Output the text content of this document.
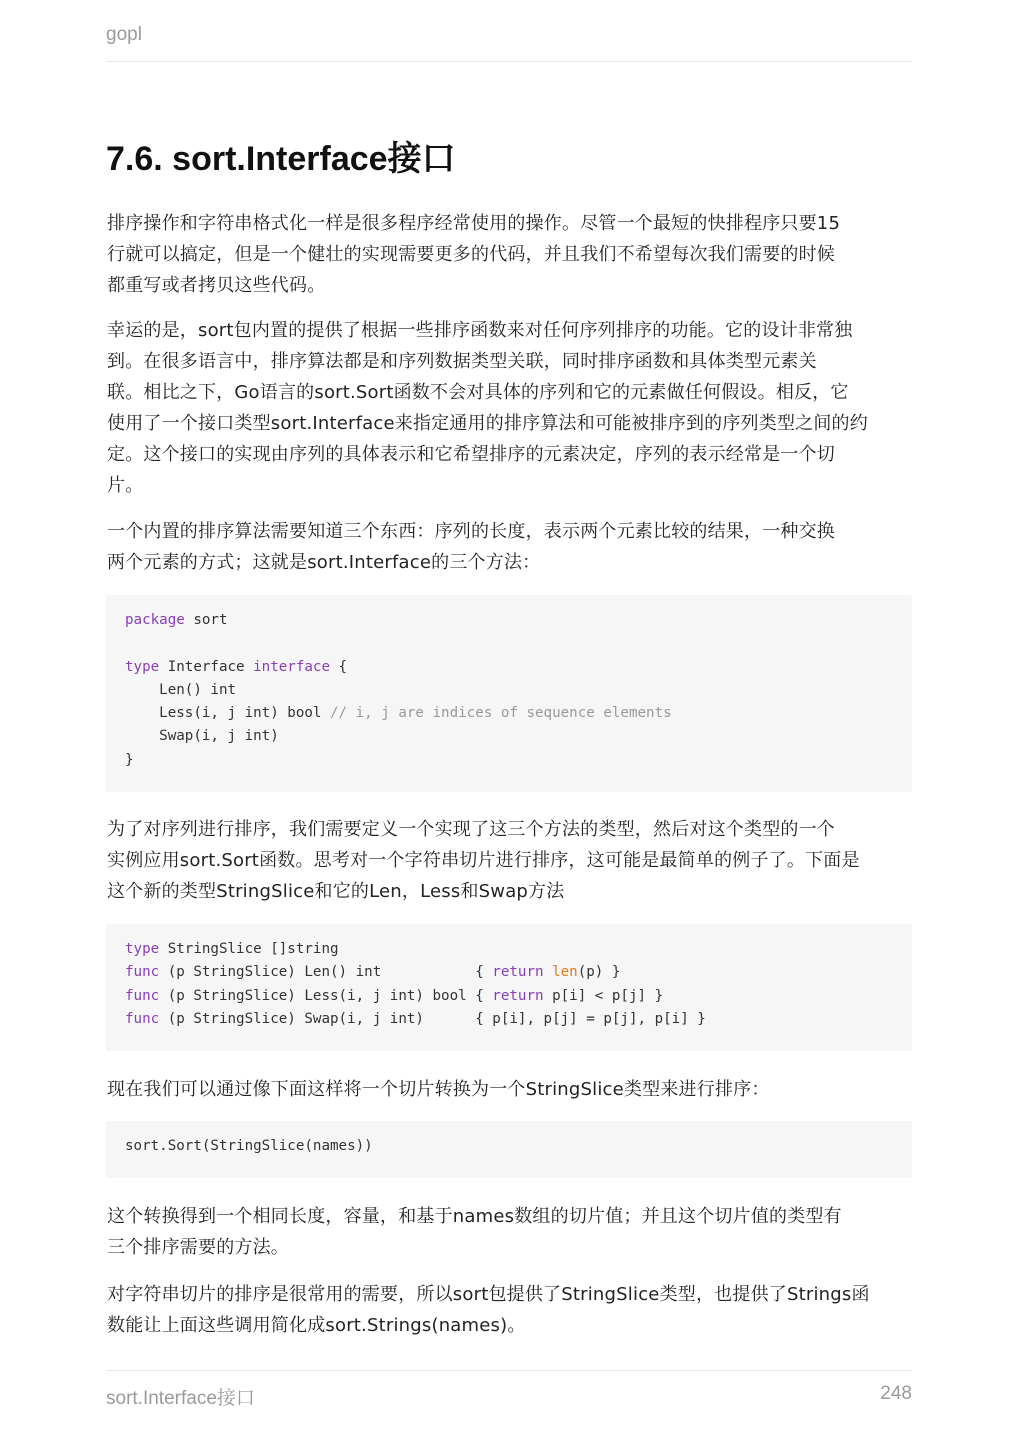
gopl
7.6. sort.Interface接口

排序操作和字符串格式化一样是很多程序经常使用的操作。尽管一个最短的快排程序只要15
行就可以搞定，但是一个健壮的实现需要更多的代码，并且我们不希望每次我们需要的时候
都重写或者拷贝这些代码。

幸运的是，sort包内置的提供了根据一些排序函数来对任何序列排序的功能。它的设计非常独
到。在很多语言中，排序算法都是和序列数据类型关联，同时排序函数和具体类型元素关
联。相比之下，Go语言的sort.Sort函数不会对具体的序列和它的元素做任何假设。相反，它
使用了一个接口类型sort.Interface来指定通用的排序算法和可能被排序到的序列类型之间的约
定。这个接口的实现由序列的具体表示和它希望排序的元素决定，序列的表示经常是一个切
片。

一个内置的排序算法需要知道三个东西：序列的长度，表示两个元素比较的结果，一种交换
两个元素的方式；这就是sort.Interface的三个方法：

package sort
type Interface interface {
Len() int
Less(i, j int) bool // i, j are indices of sequence elements
Swap(i, j int)
}

为了对序列进行排序，我们需要定义一个实现了这三个方法的类型，然后对这个类型的一个
实例应用sort.Sort函数。思考对一个字符串切片进行排序，这可能是最简单的例子了。下面是
这个新的类型StringSlice和它的Len，Less和Swap方法

type StringSlice []string
func (p StringSlice) Len() int           { return len(p) }
func (p StringSlice) Less(i, j int) bool { return p[i] < p[j] }
func (p StringSlice) Swap(i, j int)      { p[i], p[j] = p[j], p[i] }

现在我们可以通过像下面这样将一个切片转换为一个StringSlice类型来进行排序：

sort.Sort(StringSlice(names))

这个转换得到一个相同长度，容量，和基于names数组的切片值；并且这个切片值的类型有
三个排序需要的方法。

对字符串切片的排序是很常用的需要，所以sort包提供了StringSlice类型，也提供了Strings函
数能让上面这些调用简化成sort.Strings(names)。

sort.Interface接口	248
